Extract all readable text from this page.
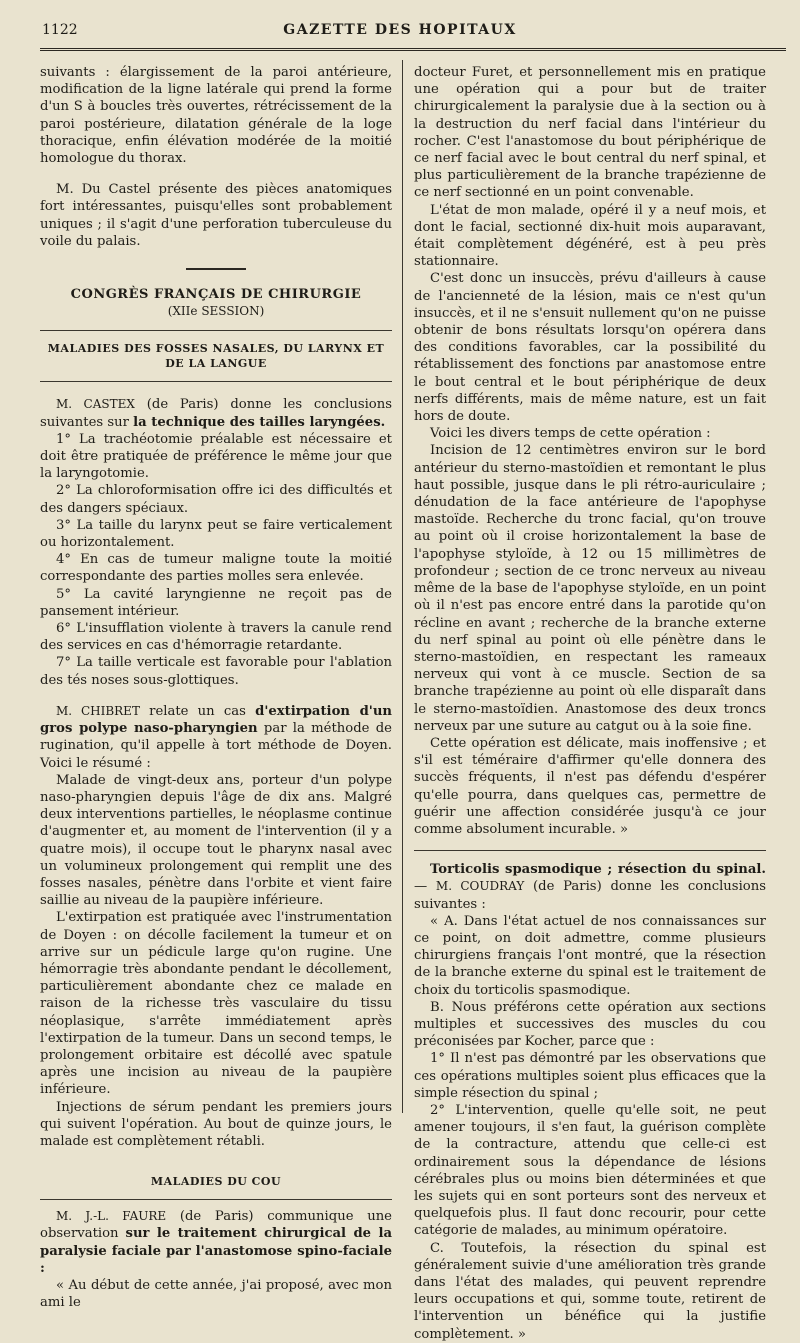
1122	GAZETTE DES HOPITAUX

suivants : élargissement de la paroi antérieure, modification de la ligne latérale qui prend la forme d'un S à boucles très ouvertes, rétrécissement de la paroi postérieure, dilatation générale de la loge thoracique, enfin élévation modérée de la moitié homologue du thorax.

M. Du Castel présente des pièces anatomiques fort intéressantes, puisqu'elles sont probablement uniques ; il s'agit d'une perforation tuberculeuse du voile du palais.

CONGRÈS FRANÇAIS DE CHIRURGIE

(XIIe SESSION)

MALADIES DES FOSSES NASALES, DU LARYNX ET DE LA LANGUE

M. CASTEX (de Paris) donne les conclusions suivantes sur la technique des tailles laryngées.

1° La trachéotomie préalable est nécessaire et doit être pratiquée de préférence le même jour que la laryngotomie.

2° La chloroformisation offre ici des difficultés et des dangers spéciaux.

3° La taille du larynx peut se faire verticalement ou horizontalement.

4° En cas de tumeur maligne toute la moitié correspondante des parties molles sera enlevée.

5° La cavité laryngienne ne reçoit pas de pansement intérieur.

6° L'insufflation violente à travers la canule rend des services en cas d'hémorragie retardante.

7° La taille verticale est favorable pour l'ablation des tés noses sous-glottiques.

M. CHIBRET relate un cas d'extirpation d'un gros polype naso-pharyngien par la méthode de rugination, qu'il appelle à tort méthode de Doyen. Voici le résumé :

Malade de vingt-deux ans, porteur d'un polype naso-pharyngien depuis l'âge de dix ans. Malgré deux interventions partielles, le néoplasme continue d'augmenter et, au moment de l'intervention (il y a quatre mois), il occupe tout le pharynx nasal avec un volumineux prolongement qui remplit une des fosses nasales, pénètre dans l'orbite et vient faire saillie au niveau de la paupière inférieure.

L'extirpation est pratiquée avec l'instrumentation de Doyen : on décolle facilement la tumeur et on arrive sur un pédicule large qu'on rugine. Une hémorragie très abondante pendant le décollement, particulièrement abondante chez ce malade en raison de la richesse très vasculaire du tissu néoplasique, s'arrête immédiatement après l'extirpation de la tumeur. Dans un second temps, le prolongement orbitaire est décollé avec spatule après une incision au niveau de la paupière inférieure.

Injections de sérum pendant les premiers jours qui suivent l'opération. Au bout de quinze jours, le malade est complètement rétabli.

MALADIES DU COU

M. J.-L. FAURE (de Paris) communique une observation sur le traitement chirurgical de la paralysie faciale par l'anastomose spino-faciale :

« Au début de cette année, j'ai proposé, avec mon ami le

docteur Furet, et personnellement mis en pratique une opération qui a pour but de traiter chirurgicalement la paralysie due à la section ou à la destruction du nerf facial dans l'intérieur du rocher. C'est l'anastomose du bout périphérique de ce nerf facial avec le bout central du nerf spinal, et plus particulièrement de la branche trapézienne de ce nerf sectionné en un point convenable.

L'état de mon malade, opéré il y a neuf mois, et dont le facial, sectionné dix-huit mois auparavant, était complètement dégénéré, est à peu près stationnaire.

C'est donc un insuccès, prévu d'ailleurs à cause de l'ancienneté de la lésion, mais ce n'est qu'un insuccès, et il ne s'ensuit nullement qu'on ne puisse obtenir de bons résultats lorsqu'on opérera dans des conditions favorables, car la possibilité du rétablissement des fonctions par anastomose entre le bout central et le bout périphérique de deux nerfs différents, mais de même nature, est un fait hors de doute.

Voici les divers temps de cette opération :

Incision de 12 centimètres environ sur le bord antérieur du sterno-mastoïdien et remontant le plus haut possible, jusque dans le pli rétro-auriculaire ; dénudation de la face antérieure de l'apophyse mastoïde. Recherche du tronc facial, qu'on trouve au point où il croise horizontalement la base de l'apophyse styloïde, à 12 ou 15 millimètres de profondeur ; section de ce tronc nerveux au niveau même de la base de l'apophyse styloïde, en un point où il n'est pas encore entré dans la parotide qu'on récline en avant ; recherche de la branche externe du nerf spinal au point où elle pénètre dans le sterno-mastoïdien, en respectant les rameaux nerveux qui vont à ce muscle. Section de sa branche trapézienne au point où elle disparaît dans le sterno-mastoïdien. Anastomose des deux troncs nerveux par une suture au catgut ou à la soie fine.

Cette opération est délicate, mais inoffensive ; et s'il est téméraire d'affirmer qu'elle donnera des succès fréquents, il n'est pas défendu d'espérer qu'elle pourra, dans quelques cas, permettre de guérir une affection considérée jusqu'à ce jour comme absolument incurable. »

Torticolis spasmodique ; résection du spinal. — M. COUDRAY (de Paris) donne les conclusions suivantes :

« A. Dans l'état actuel de nos connaissances sur ce point, on doit admettre, comme plusieurs chirurgiens français l'ont montré, que la résection de la branche externe du spinal est le traitement de choix du torticolis spasmodique.

B. Nous préférons cette opération aux sections multiples et successives des muscles du cou préconisées par Kocher, parce que :

1° Il n'est pas démontré par les observations que ces opérations multiples soient plus efficaces que la simple résection du spinal ;

2° L'intervention, quelle qu'elle soit, ne peut amener toujours, il s'en faut, la guérison complète de la contracture, attendu que celle-ci est ordinairement sous la dépendance de lésions cérébrales plus ou moins bien déterminées et que les sujets qui en sont porteurs sont des nerveux et quelquefois plus. Il faut donc recourir, pour cette catégorie de malades, au minimum opératoire.

C. Toutefois, la résection du spinal est généralement suivie d'une amélioration très grande dans l'état des malades, qui peuvent reprendre leurs occupations et qui, somme toute, retirent de l'intervention un bénéfice qui la justifie complètement. »
